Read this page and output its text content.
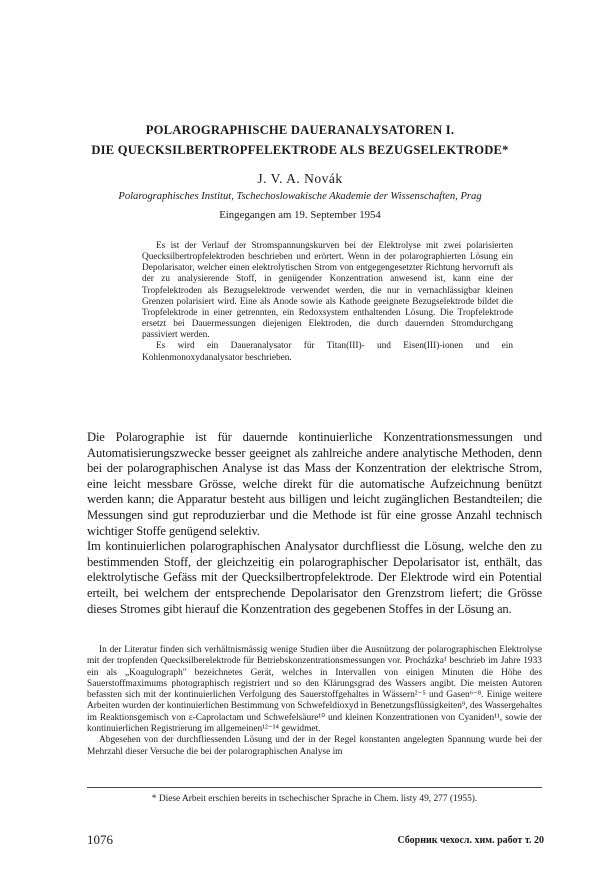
POLAROGRAPHISCHE DAUERANALYSATOREN I.
DIE QUECKSILBERTROPFELEKTRODE ALS BEZUGSELEKTRODE*
J. V. A. Novák
Polarographisches Institut, Tschechoslowakische Akademie der Wissenschaften, Prag
Eingegangen am 19. September 1954

Es ist der Verlauf der Stromspannungskurven bei der Elektrolyse mit zwei polarisierten Quecksilbertropfelektroden beschrieben und erörtert. Wenn in der polarographierten Lösung ein Depolarisator, welcher einen elektrolytischen Strom von entgegengesetzter Richtung hervorruft als der zu analysierende Stoff, in genügender Konzentration anwesend ist, kann eine der Tropfelektroden als Bezugselektrode verwendet werden, die nur in vernachlässigbar kleinen Grenzen polarisiert wird. Eine als Anode sowie als Kathode geeignete Bezugselektrode bildet die Tropfelektrode in einer getrennten, ein Redoxsystem enthaltenden Lösung. Die Tropfelektrode ersetzt bei Dauermessungen diejenigen Elektroden, die durch dauernden Stromdurchgang passiviert werden.

Es wird ein Daueranalysator für Titan(III)- und Eisen(III)-ionen und ein Kohlenmonoxydanalysator beschrieben.

Die Polarographie ist für dauernde kontinuierliche Konzentrationsmessungen und Automatisierungszwecke besser geeignet als zahlreiche andere analytische Methoden, denn bei der polarographischen Analyse ist das Mass der Konzentration der elektrische Strom, eine leicht messbare Grösse, welche direkt für die automatische Aufzeichnung benützt werden kann; die Apparatur besteht aus billigen und leicht zugänglichen Bestandteilen; die Messungen sind gut reproduzierbar und die Methode ist für eine grosse Anzahl technisch wichtiger Stoffe genügend selektiv.

Im kontinuierlichen polarographischen Analysator durchfliesst die Lösung, welche den zu bestimmenden Stoff, der gleichzeitig ein polarographischer Depolarisator ist, enthält, das elektrolytische Gefäss mit der Quecksilbertropfelektrode. Der Elektrode wird ein Potential erteilt, bei welchem der entsprechende Depolarisator den Grenzstrom liefert; die Grösse dieses Stromes gibt hierauf die Konzentration des gegebenen Stoffes in der Lösung an.

In der Literatur finden sich verhältnismässig wenige Studien über die Ausnützung der polarographischen Elektrolyse mit der tropfenden Quecksilberelektrode für Betriebskonzentrationsmessungen vor. Procházka¹ beschrieb im Jahre 1933 ein als „Koagulograph" bezeichnetes Gerät, welches in Intervallen von einigen Minuten die Höhe des Sauerstoffmaximums photographisch registriert und so den Klärungsgrad des Wassers angibt. Die meisten Autoren befassten sich mit der kontinuierlichen Verfolgung des Sauerstoffgehaltes in Wässern²⁻⁵ und Gasen⁶⁻⁸. Einige weitere Arbeiten wurden der kontinuierlichen Bestimmung von Schwefeldioxyd in Benetzungsflüssigkeiten⁹, des Wassergehaltes im Reaktionsgemisch von ε-Caprolactam und Schwefelsäure¹⁰ und kleinen Konzentrationen von Cyaniden¹¹, sowie der kontinuierlichen Registrierung im allgemeinen¹²⁻¹⁴ gewidmet.

Abgesehen von der durchfliessenden Lösung und der in der Regel konstanten angelegten Spannung wurde bei der Mehrzahl dieser Versuche die bei der polarographischen Analyse im

* Diese Arbeit erschien bereits in tschechischer Sprache in Chem. listy 49, 277 (1955).
1076	Сборник чехосл. хим. работ т. 20
